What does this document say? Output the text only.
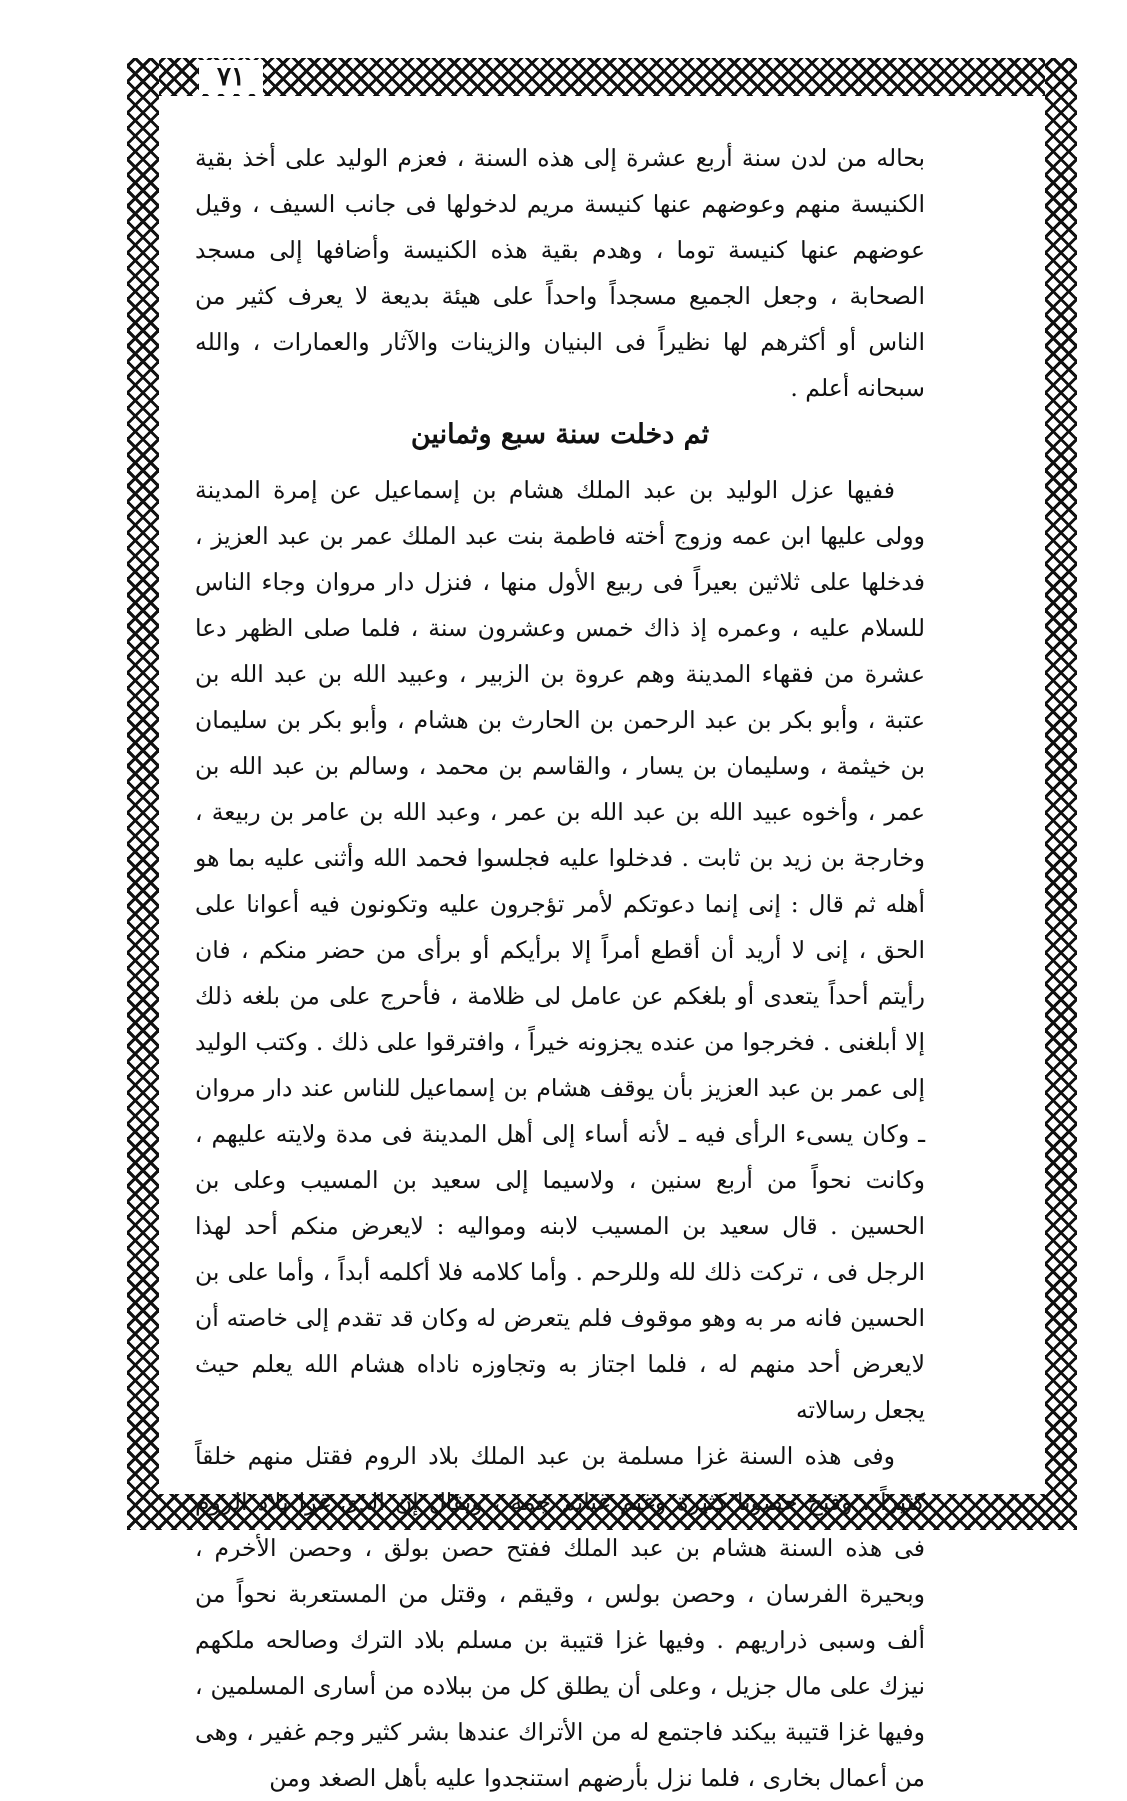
٧١

بحاله من لدن سنة أربع عشرة إلى هذه السنة ، فعزم الوليد على أخذ بقية الكنيسة منهم وعوضهم عنها كنيسة مريم لدخولها فى جانب السيف ، وقيل عوضهم عنها كنيسة توما ، وهدم بقية هذه الكنيسة وأضافها إلى مسجد الصحابة ، وجعل الجميع مسجداً واحداً على هيئة بديعة لا يعرف كثير من الناس أو أكثرهم لها نظيراً فى البنيان والزينات والآثار والعمارات ، والله سبحانه أعلم .

ثم دخلت سنة سبع وثمانين

ففيها عزل الوليد بن عبد الملك هشام بن إسماعيل عن إمرة المدينة وولى عليها ابن عمه وزوج أخته فاطمة بنت عبد الملك عمر بن عبد العزيز ، فدخلها على ثلاثين بعيراً فى ربيع الأول منها ، فنزل دار مروان وجاء الناس للسلام عليه ، وعمره إذ ذاك خمس وعشرون سنة ، فلما صلى الظهر دعا عشرة من فقهاء المدينة وهم عروة بن الزبير ، وعبيد الله بن عبد الله بن عتبة ، وأبو بكر بن عبد الرحمن بن الحارث بن هشام ، وأبو بكر بن سليمان بن خيثمة ، وسليمان بن يسار ، والقاسم بن محمد ، وسالم بن عبد الله بن عمر ، وأخوه عبيد الله بن عبد الله بن عمر ، وعبد الله بن عامر بن ربيعة ، وخارجة بن زيد بن ثابت . فدخلوا عليه فجلسوا فحمد الله وأثنى عليه بما هو أهله ثم قال : إنى إنما دعوتكم لأمر تؤجرون عليه وتكونون فيه أعوانا على الحق ، إنى لا أريد أن أقطع أمراً إلا برأيكم أو برأى من حضر منكم ، فان رأيتم أحداً يتعدى أو بلغكم عن عامل لى ظلامة ، فأحرج على من بلغه ذلك إلا أبلغنى . فخرجوا من عنده يجزونه خيراً ، وافترقوا على ذلك . وكتب الوليد إلى عمر بن عبد العزيز بأن يوقف هشام بن إسماعيل للناس عند دار مروان ـ وكان يسىء الرأى فيه ـ لأنه أساء إلى أهل المدينة فى مدة ولايته عليهم ، وكانت نحواً من أربع سنين ، ولاسيما إلى سعيد بن المسيب وعلى بن الحسين . قال سعيد بن المسيب لابنه ومواليه : لايعرض منكم أحد لهذا الرجل فى ، تركت ذلك لله وللرحم . وأما كلامه فلا أكلمه أبداً ، وأما على بن الحسين فانه مر به وهو موقوف فلم يتعرض له وكان قد تقدم إلى خاصته أن لايعرض أحد منهم له ، فلما اجتاز به وتجاوزه ناداه هشام الله يعلم حيث يجعل رسالاته

وفى هذه السنة غزا مسلمة بن عبد الملك بلاد الروم فقتل منهم خلقاً كثيراً ، وفتح حصونا كثيرة وغنم غنائم جمة ، ويقال إن الذى غزا بلاد الروم فى هذه السنة هشام بن عبد الملك ففتح حصن بولق ، وحصن الأخرم ، وبحيرة الفرسان ، وحصن بولس ، وقيقم ، وقتل من المستعربة نحواً من ألف وسبى ذراريهم . وفيها غزا قتيبة بن مسلم بلاد الترك وصالحه ملكهم نيزك على مال جزيل ، وعلى أن يطلق كل من ببلاده من أسارى المسلمين ، وفيها غزا قتيبة بيكند فاجتمع له من الأتراك عندها بشر كثير وجم غفير ، وهى من أعمال بخارى ، فلما نزل بأرضهم استنجدوا عليه بأهل الصغد ومن
